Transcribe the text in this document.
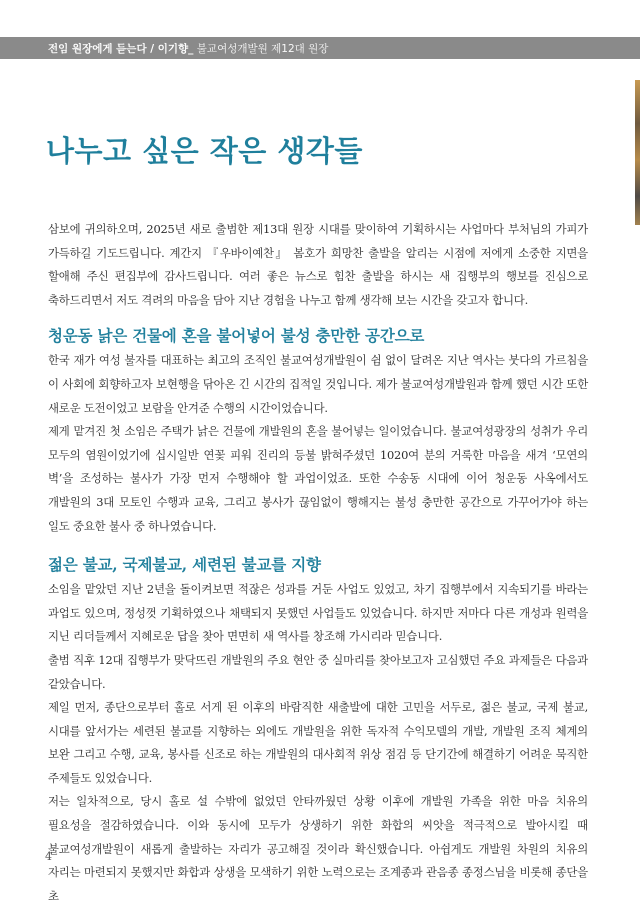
전임 원장에게 듣는다 / 이기향_ 불교여성개발원 제12대 원장
나누고 싶은 작은 생각들

삼보에 귀의하오며, 2025년 새로 출범한 제13대 원장 시대를 맞이하여 기획하시는 사업마다 부처님의 가피가 가득하길 기도드립니다. 계간지 『우바이예찬』 봄호가 희망찬 출발을 알리는 시점에 저에게 소중한 지면을 할애해 주신 편집부에 감사드립니다. 여러 좋은 뉴스로 힘찬 출발을 하시는 새 집행부의 행보를 진심으로 축하드리면서 저도 격려의 마음을 담아 지난 경험을 나누고 함께 생각해 보는 시간을 갖고자 합니다.

청운동 낡은 건물에 혼을 불어넣어 불성 충만한 공간으로

한국 재가 여성 불자를 대표하는 최고의 조직인 불교여성개발원이 쉼 없이 달려온 지난 역사는 붓다의 가르침을 이 사회에 회향하고자 보현행을 닦아온 긴 시간의 집적일 것입니다. 제가 불교여성개발원과 함께 했던 시간 또한 새로운 도전이었고 보람을 안겨준 수행의 시간이었습니다.

제게 맡겨진 첫 소임은 주택가 낡은 건물에 개발원의 혼을 불어넣는 일이었습니다. 불교여성광장의 성취가 우리 모두의 염원이었기에 십시일반 연꽃 피워 진리의 등불 밝혀주셨던 1020여 분의 거룩한 마음을 새겨 ‘모연의 벽’을 조성하는 불사가 가장 먼저 수행해야 할 과업이었죠. 또한 수송동 시대에 이어 청운동 사옥에서도 개발원의 3대 모토인 수행과 교육, 그리고 봉사가 끊임없이 행해지는 불성 충만한 공간으로 가꾸어가야 하는 일도 중요한 불사 중 하나였습니다.

젊은 불교, 국제불교, 세련된 불교를 지향

소임을 맡았던 지난 2년을 돌이켜보면 적잖은 성과를 거둔 사업도 있었고, 차기 집행부에서 지속되기를 바라는 과업도 있으며, 정성껏 기획하였으나 채택되지 못했던 사업들도 있었습니다. 하지만 저마다 다른 개성과 원력을 지닌 리더들께서 지혜로운 답을 찾아 면면히 새 역사를 창조해 가시리라 믿습니다.

출범 직후 12대 집행부가 맞닥뜨린 개발원의 주요 현안 중 실마리를 찾아보고자 고심했던 주요 과제들은 다음과 같았습니다.

제일 먼저, 종단으로부터 홀로 서게 된 이후의 바람직한 새출발에 대한 고민을 서두로, 젊은 불교, 국제 불교, 시대를 앞서가는 세련된 불교를 지향하는 외에도 개발원을 위한 독자적 수익모델의 개발, 개발원 조직 체계의 보완 그리고 수행, 교육, 봉사를 신조로 하는 개발원의 대사회적 위상 점검 등 단기간에 해결하기 어려운 묵직한 주제들도 있었습니다.

저는 일차적으로, 당시 홀로 설 수밖에 없었던 안타까웠던 상황 이후에 개발원 가족을 위한 마음 치유의 필요성을 절감하였습니다. 이와 동시에 모두가 상생하기 위한 화합의 씨앗을 적극적으로 발아시킬 때 불교여성개발원이 새롭게 출발하는 자리가 공고해질 것이라 확신했습니다. 아쉽게도 개발원 차원의 치유의 자리는 마련되지 못했지만 화합과 상생을 모색하기 위한 노력으로는 조계종과 관음종 종정스님을 비롯해 종단을 초

4
